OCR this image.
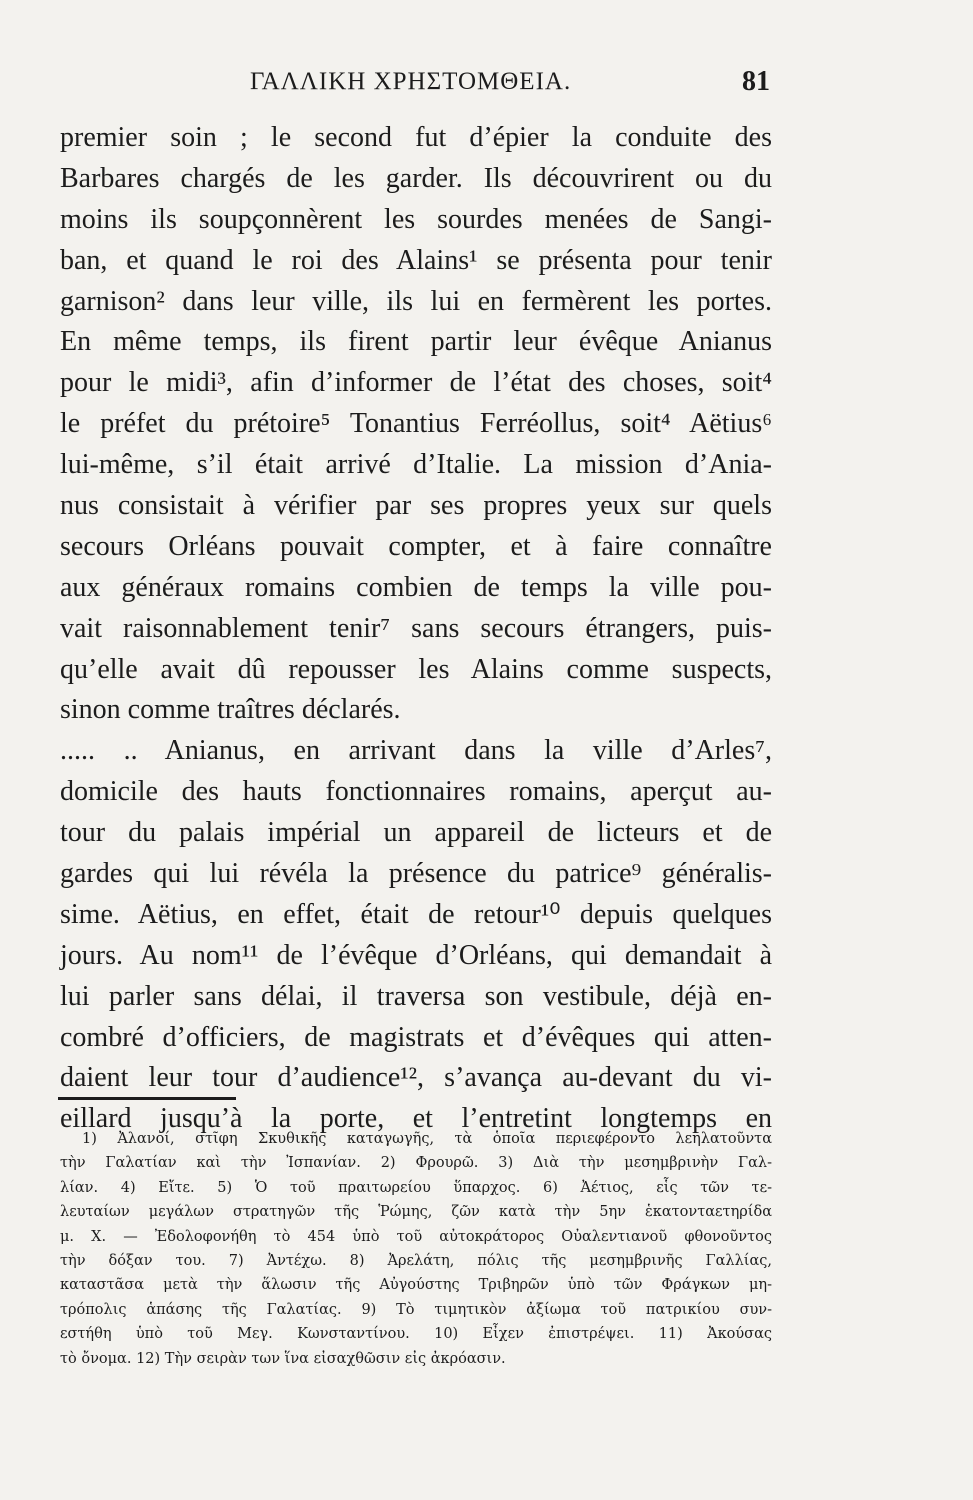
ΓΑΛΛΙΚΗ ΧΡΗΣΤΟΜΘΕΙΑ.	81
premier soin ; le second fut d’épier la conduite des
Barbares chargés de les garder. Ils découvrirent ou du
moins ils soupçonnèrent les sourdes menées de Sangi-
ban, et quand le roi des Alains¹ se présenta pour tenir
garnison² dans leur ville, ils lui en fermèrent les portes.
En même temps, ils firent partir leur évêque Anianus
pour le midi³, afin d’informer de l’état des choses, soit⁴
le préfet du prétoire⁵ Tonantius Ferréollus, soit⁴ Aëtius⁶
lui-même, s’il était arrivé d’Italie. La mission d’Ania-
nus consistait à vérifier par ses propres yeux sur quels
secours Orléans pouvait compter, et à faire connaître
aux généraux romains combien de temps la ville pou-
vait raisonnablement tenir⁷ sans secours étrangers, puis-
qu’elle avait dû repousser les Alains comme suspects,
sinon comme traîtres déclarés.
..... .. Anianus, en arrivant dans la ville d’Arles⁷,
domicile des hauts fonctionnaires romains, aperçut au-
tour du palais impérial un appareil de licteurs et de
gardes qui lui révéla la présence du patrice⁹ généralis-
sime. Aëtius, en effet, était de retour¹⁰ depuis quelques
jours. Au nom¹¹ de l’évêque d’Orléans, qui demandait à
lui parler sans délai, il traversa son vestibule, déjà en-
combré d’officiers, de magistrats et d’évêques qui atten-
daient leur tour d’audience¹², s’avança au-devant du vi-
eillard jusqu’à la porte, et l’entretint longtemps en
1) Ἀλανοί, στῖφη Σκυθικῆς καταγωγῆς, τὰ ὁποῖα περιεφέροντο λεηλατοῦντα
τὴν Γαλατίαν καὶ τὴν Ἰσπανίαν. 2) Φρουρῶ. 3) Διὰ τὴν μεσημβρινὴν Γαλ-
λίαν. 4) Εἴτε. 5) Ὁ τοῦ πραιτωρείου ὕπαρχος. 6) Ἀέτιος, εἷς τῶν τε-
λευταίων μεγάλων στρατηγῶν τῆς Ῥώμης, ζῶν κατὰ τὴν 5ην ἑκατονταετηρίδα
μ. Χ. — Ἐδολοφονήθη τὸ 454 ὑπὸ τοῦ αὐτοκράτορος Οὐαλεντιανοῦ φθονοῦντος
τὴν δόξαν του. 7) Ἀντέχω. 8) Ἀρελάτη, πόλις τῆς μεσημβρινῆς Γαλλίας,
καταστᾶσα μετὰ τὴν ἅλωσιν τῆς Αὐγούστης Τριβηρῶν ὑπὸ τῶν Φράγκων μη-
τρόπολις ἁπάσης τῆς Γαλατίας. 9) Τὸ τιμητικὸν ἀξίωμα τοῦ πατρικίου συν-
εστήθη ὑπὸ τοῦ Μεγ. Κωνσταντίνου. 10) Εἶχεν ἐπιστρέψει. 11) Ἀκούσας
τὸ ὄνομα. 12) Τὴν σειρὰν των ἵνα εἰσαχθῶσιν εἰς ἀκρόασιν.
